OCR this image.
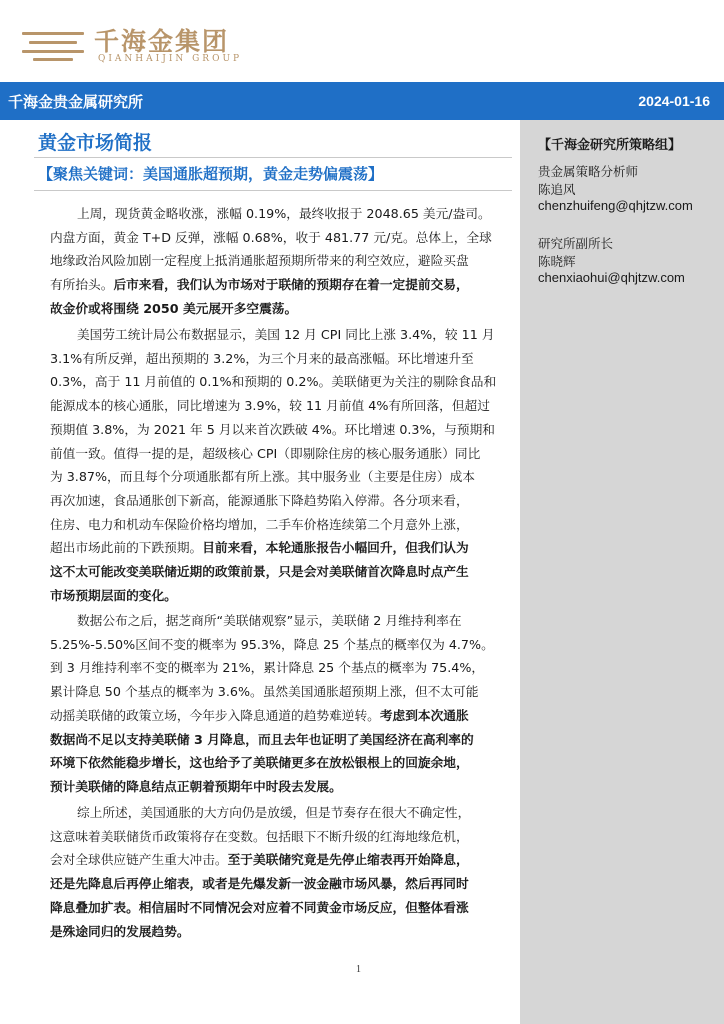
千海金集团
QIANHAIJIN GROUP
千海金贵金属研究所	2024-01-16
【千海金研究所策略组】
贵金属策略分析师
陈追风
chenzhuifeng@qhjtzw.com
研究所副所长
陈晓辉
chenxiaohui@qhjtzw.com
黄金市场简报
【聚焦关键词：美国通胀超预期，黄金走势偏震荡】
上周，现货黄金略收涨，涨幅 0.19%，最终收报于 2048.65 美元/盎司。
内盘方面，黄金 T+D 反弹，涨幅 0.68%，收于 481.77 元/克。总体上，全球
地缘政治风险加剧一定程度上抵消通胀超预期所带来的利空效应，避险买盘
有所抬头。后市来看，我们认为市场对于联储的预期存在着一定提前交易，
故金价或将围绕 2050 美元展开多空震荡。
美国劳工统计局公布数据显示，美国 12 月 CPI 同比上涨 3.4%，较 11 月
3.1%有所反弹，超出预期的 3.2%，为三个月来的最高涨幅。环比增速升至
0.3%，高于 11 月前值的 0.1%和预期的 0.2%。美联储更为关注的剔除食品和
能源成本的核心通胀，同比增速为 3.9%，较 11 月前值 4%有所回落，但超过
预期值 3.8%，为 2021 年 5 月以来首次跌破 4%。环比增速 0.3%，与预期和
前值一致。值得一提的是，超级核心 CPI（即剔除住房的核心服务通胀）同比
为 3.87%，而且每个分项通胀都有所上涨。其中服务业（主要是住房）成本
再次加速，食品通胀创下新高，能源通胀下降趋势陷入停滞。各分项来看，
住房、电力和机动车保险价格均增加，二手车价格连续第二个月意外上涨，
超出市场此前的下跌预期。目前来看，本轮通胀报告小幅回升，但我们认为
这不太可能改变美联储近期的政策前景，只是会对美联储首次降息时点产生
市场预期层面的变化。
数据公布之后，据芝商所“美联储观察”显示，美联储 2 月维持利率在
5.25%-5.50%区间不变的概率为 95.3%，降息 25 个基点的概率仅为 4.7%。
到 3 月维持利率不变的概率为 21%，累计降息 25 个基点的概率为 75.4%，
累计降息 50 个基点的概率为 3.6%。虽然美国通胀超预期上涨，但不太可能
动摇美联储的政策立场，今年步入降息通道的趋势难逆转。考虑到本次通胀
数据尚不足以支持美联储 3 月降息，而且去年也证明了美国经济在高利率的
环境下依然能稳步增长，这也给予了美联储更多在放松银根上的回旋余地，
预计美联储的降息结点正朝着预期年中时段去发展。
综上所述，美国通胀的大方向仍是放缓，但是节奏存在很大不确定性，
这意味着美联储货币政策将存在变数。包括眼下不断升级的红海地缘危机，
会对全球供应链产生重大冲击。至于美联储究竟是先停止缩表再开始降息，
还是先降息后再停止缩表，或者是先爆发新一波金融市场风暴，然后再同时
降息叠加扩表。相信届时不同情况会对应着不同黄金市场反应，但整体看涨
是殊途同归的发展趋势。
1
